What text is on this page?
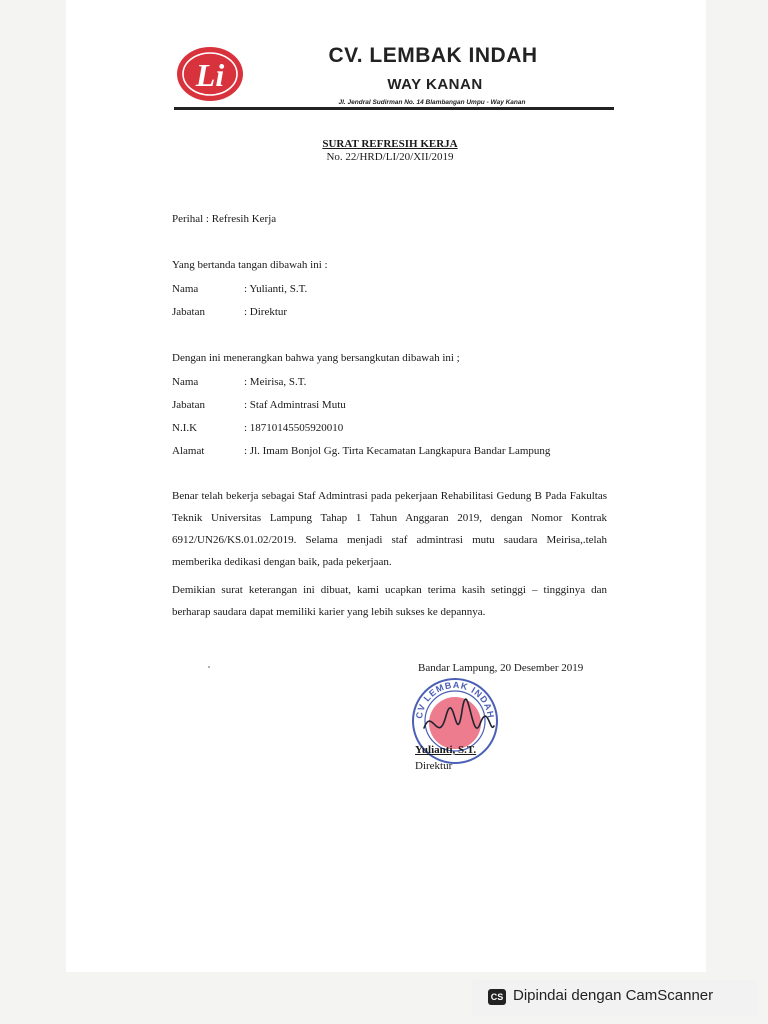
Li
CV. LEMBAK INDAH
WAY KANAN
Jl. Jendral Sudirman No. 14 Blambangan Umpu - Way Kanan
SURAT REFRESIH KERJA
No. 22/HRD/LI/20/XII/2019
Perihal : Refresih Kerja
Yang bertanda tangan dibawah ini :
Nama	: Yulianti, S.T.
Jabatan	: Direktur
Dengan ini menerangkan bahwa yang bersangkutan dibawah ini ;
Nama	: Meirisa, S.T.
Jabatan	: Staf Admintrasi Mutu
N.I.K	: 18710145505920010
Alamat	: Jl. Imam Bonjol Gg. Tirta Kecamatan Langkapura Bandar Lampung
Benar telah bekerja sebagai Staf Admintrasi pada pekerjaan Rehabilitasi Gedung B Pada Fakultas Teknik Universitas Lampung Tahap 1 Tahun Anggaran 2019, dengan Nomor Kontrak 6912/UN26/KS.01.02/2019. Selama menjadi staf admintrasi mutu saudara Meirisa,.telah memberika dedikasi dengan baik, pada pekerjaan.
Demikian surat keterangan ini dibuat, kami ucapkan terima kasih setinggi – tingginya dan berharap saudara dapat memiliki karier yang lebih sukses ke depannya.
Bandar Lampung, 20 Desember 2019
CV LEMBAK INDAH
Yulianti, S.T.
Direktur
CS Dipindai dengan CamScanner
